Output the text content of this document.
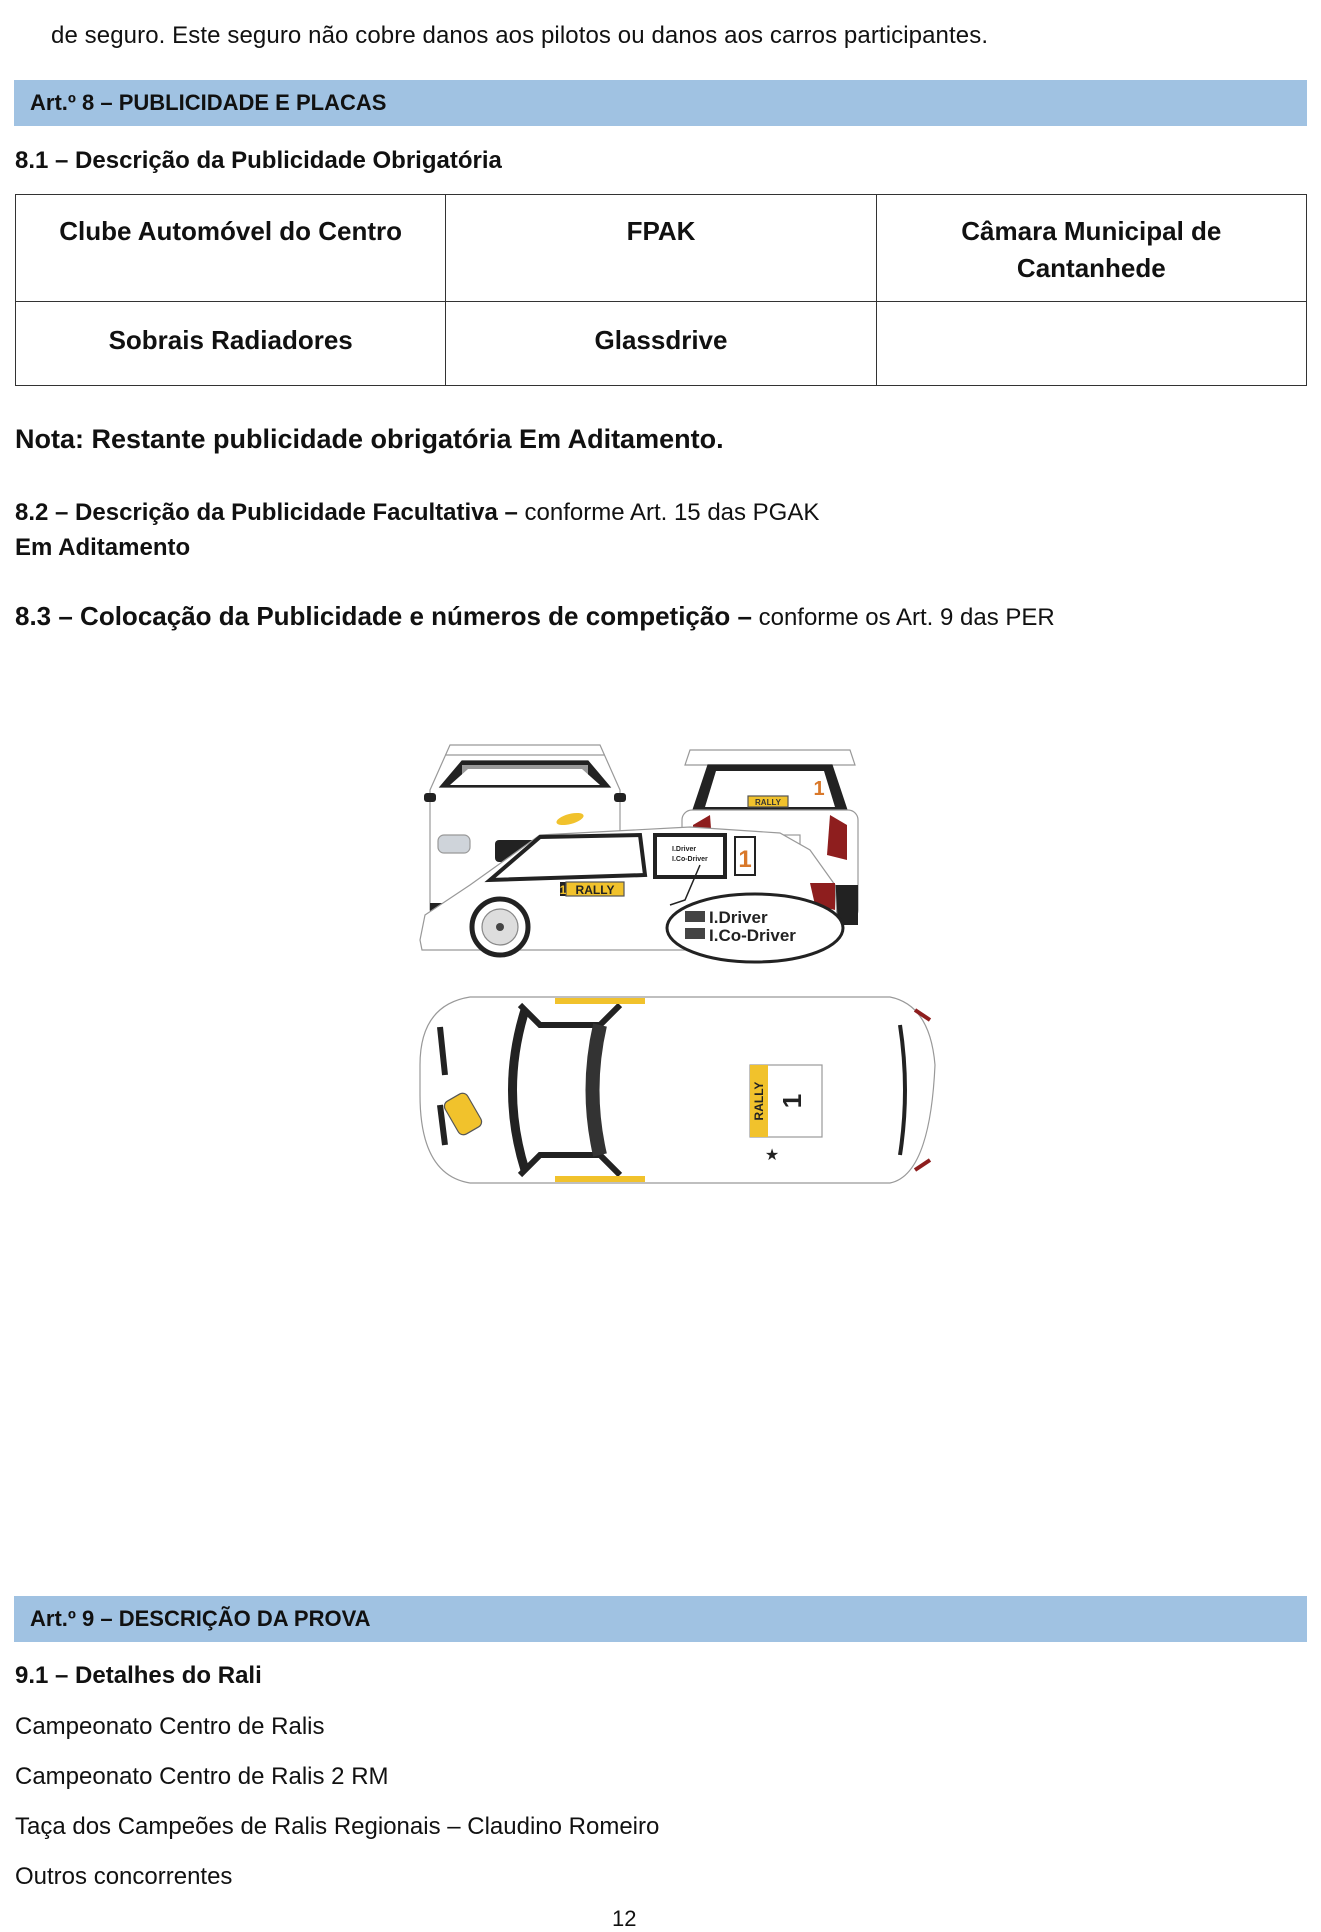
de seguro. Este seguro não cobre danos aos pilotos ou danos aos carros participantes.
Art.º 8 – PUBLICIDADE E PLACAS
8.1 – Descrição da Publicidade Obrigatória
Clube Automóvel do Centro	FPAK	Câmara Municipal de Cantanhede
Sobrais Radiadores	Glassdrive	
Nota: Restante publicidade obrigatória Em Aditamento.
8.2 – Descrição da Publicidade Facultativa – conforme Art. 15 das PGAK
Em Aditamento
8.3 – Colocação da Publicidade e números de competição – conforme os Art. 9 das PER
RALLY
1
1
1 RALLY
I.Driver
I.Co-Driver
I.Driver
I.Co-Driver
RALLY 1
★
Art.º 9 – DESCRIÇÃO DA PROVA
9.1 – Detalhes do Rali
Campeonato Centro de Ralis
Campeonato Centro de Ralis 2 RM
Taça dos Campeões de Ralis Regionais – Claudino Romeiro
Outros concorrentes
12
